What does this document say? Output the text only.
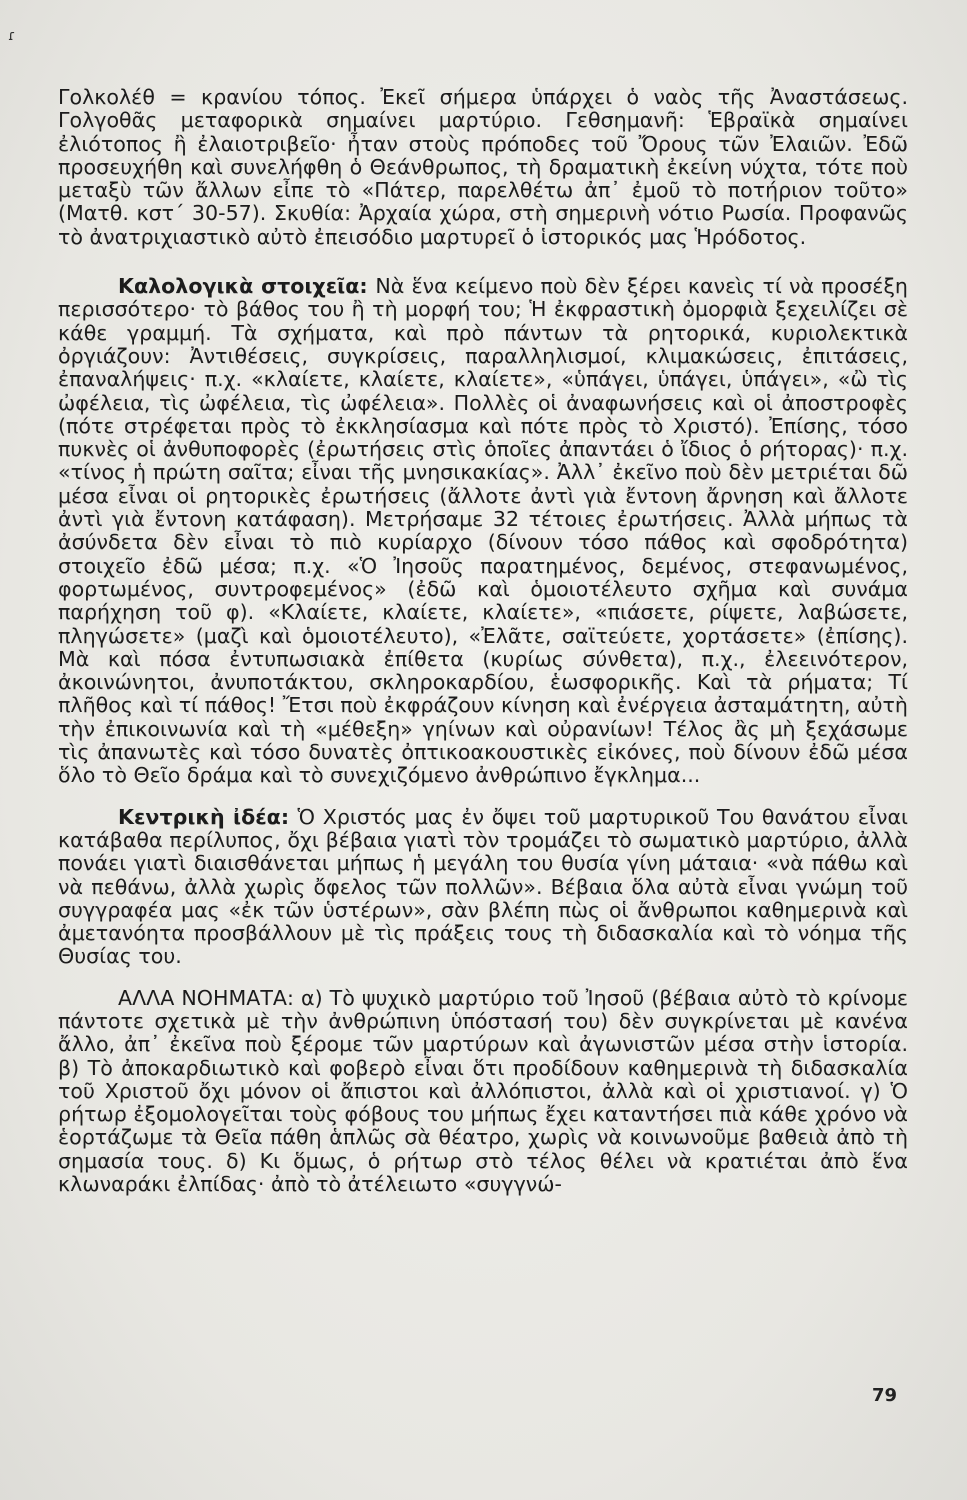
ɾ

Γολκολέθ = κρανίου τόπος. Ἐκεῖ σήμερα ὑπάρχει ὁ ναὸς τῆς Ἀναστάσεως. Γολγοθᾶς μεταφορικὰ σημαίνει μαρτύριο. Γεθσημανῆ: Ἑβραϊκὰ σημαίνει ἐλιότοπος ἢ ἐλαιοτριβεῖο· ἦταν στοὺς πρόποδες τοῦ Ὄρους τῶν Ἐλαιῶν. Ἐδῶ προσευχήθη καὶ συνελήφθη ὁ Θεάνθρωπος, τὴ δραματικὴ ἐκείνη νύχτα, τότε ποὺ μεταξὺ τῶν ἄλλων εἶπε τὸ «Πάτερ, παρελθέτω ἀπ᾽ ἐμοῦ τὸ ποτήριον τοῦτο» (Ματθ. κστ´ 30-57). Σκυθία: Ἀρχαία χώρα, στὴ σημερινὴ νότιο Ρωσία. Προφανῶς τὸ ἀνατριχιαστικὸ αὐτὸ ἐπεισόδιο μαρτυρεῖ ὁ ἱστορικός μας Ἡρόδοτος.

Καλολογικὰ στοιχεῖα: Νὰ ἕνα κείμενο ποὺ δὲν ξέρει κανεὶς τί νὰ προσέξη περισσότερο· τὸ βάθος του ἢ τὴ μορφή του; Ἡ ἐκφραστικὴ ὀμορφιὰ ξεχειλίζει σὲ κάθε γραμμή. Τὰ σχήματα, καὶ πρὸ πάντων τὰ ρητορικά, κυριολεκτικὰ ὀργιάζουν: Ἀντιθέσεις, συγκρίσεις, παραλληλισμοί, κλιμακώσεις, ἐπιτάσεις, ἐπαναλήψεις· π.χ. «κλαίετε, κλαίετε, κλαίετε», «ὑπάγει, ὑπάγει, ὑπάγει», «ὢ τὶς ὠφέλεια, τὶς ὠφέλεια, τὶς ὠφέλεια». Πολλὲς οἱ ἀναφωνήσεις καὶ οἱ ἀποστροφὲς (πότε στρέφεται πρὸς τὸ ἐκκλησίασμα καὶ πότε πρὸς τὸ Χριστό). Ἐπίσης, τόσο πυκνὲς οἱ ἀνθυποφορὲς (ἐρωτήσεις στὶς ὁποῖες ἀπαντάει ὁ ἴδιος ὁ ρήτορας)· π.χ. «τίνος ἡ πρώτη σαῖτα; εἶναι τῆς μνησικακίας». Ἀλλ᾽ ἐκεῖνο ποὺ δὲν μετριέται δῶ μέσα εἶναι οἱ ρητορικὲς ἐρωτήσεις (ἄλλοτε ἀντὶ γιὰ ἔντονη ἄρνηση καὶ ἄλλοτε ἀντὶ γιὰ ἔντονη κατάφαση). Μετρήσαμε 32 τέτοιες ἐρωτήσεις. Ἀλλὰ μήπως τὰ ἀσύνδετα δὲν εἶναι τὸ πιὸ κυρίαρχο (δίνουν τόσο πάθος καὶ σφοδρότητα) στοιχεῖο ἐδῶ μέσα; π.χ. «Ὁ Ἰησοῦς παρατημένος, δεμένος, στεφανωμένος, φορτωμένος, συντροφεμένος» (ἐδῶ καὶ ὁμοιοτέλευτο σχῆμα καὶ συνάμα παρήχηση τοῦ φ). «Κλαίετε, κλαίετε, κλαίετε», «πιάσετε, ρίψετε, λαβώσετε, πληγώσετε» (μαζὶ καὶ ὁμοιοτέλευτο), «Ἐλᾶτε, σαϊτεύετε, χορτάσετε» (ἐπίσης). Μὰ καὶ πόσα ἐντυπωσιακὰ ἐπίθετα (κυρίως σύνθετα), π.χ., ἐλεεινότερον, ἀκοινώνητοι, ἀνυποτάκτου, σκληροκαρδίου, ἑωσφορικῆς. Καὶ τὰ ρήματα; Τί πλῆθος καὶ τί πάθος! Ἔτσι ποὺ ἐκφράζουν κίνηση καὶ ἐνέργεια ἀσταμάτητη, αὐτὴ τὴν ἐπικοινωνία καὶ τὴ «μέθεξη» γηίνων καὶ οὐρανίων! Τέλος ἂς μὴ ξεχάσωμε τὶς ἀπανωτὲς καὶ τόσο δυνατὲς ὀπτικοακουστικὲς εἰκόνες, ποὺ δίνουν ἐδῶ μέσα ὅλο τὸ Θεῖο δράμα καὶ τὸ συνεχιζόμενο ἀνθρώπινο ἔγκλημα...

Κεντρικὴ ἰδέα: Ὁ Χριστός μας ἐν ὄψει τοῦ μαρτυρικοῦ Του θανάτου εἶναι κατάβαθα περίλυπος, ὄχι βέβαια γιατὶ τὸν τρομάζει τὸ σωματικὸ μαρτύριο, ἀλλὰ πονάει γιατὶ διαισθάνεται μήπως ἡ μεγάλη του θυσία γίνη μάταια· «νὰ πάθω καὶ νὰ πεθάνω, ἀλλὰ χωρὶς ὄφελος τῶν πολλῶν». Βέβαια ὅλα αὐτὰ εἶναι γνώμη τοῦ συγγραφέα μας «ἐκ τῶν ὑστέρων», σὰν βλέπη πὼς οἱ ἄνθρωποι καθημερινὰ καὶ ἀμετανόητα προσβάλλουν μὲ τὶς πράξεις τους τὴ διδασκαλία καὶ τὸ νόημα τῆς Θυσίας του.

ΑΛΛΑ ΝΟΗΜΑΤΑ: α) Τὸ ψυχικὸ μαρτύριο τοῦ Ἰησοῦ (βέβαια αὐτὸ τὸ κρίνομε πάντοτε σχετικὰ μὲ τὴν ἀνθρώπινη ὑπόστασή του) δὲν συγκρίνεται μὲ κανένα ἄλλο, ἀπ᾽ ἐκεῖνα ποὺ ξέρομε τῶν μαρτύρων καὶ ἀγωνιστῶν μέσα στὴν ἱστορία. β) Τὸ ἀποκαρδιωτικὸ καὶ φοβερὸ εἶναι ὅτι προδίδουν καθημερινὰ τὴ διδασκαλία τοῦ Χριστοῦ ὄχι μόνον οἱ ἄπιστοι καὶ ἀλλόπιστοι, ἀλλὰ καὶ οἱ χριστιανοί. γ) Ὁ ρήτωρ ἐξομολογεῖται τοὺς φόβους του μήπως ἔχει καταντήσει πιὰ κάθε χρόνο νὰ ἑορτάζωμε τὰ Θεῖα πάθη ἁπλῶς σὰ θέατρο, χωρὶς νὰ κοινωνοῦμε βαθειὰ ἀπὸ τὴ σημασία τους. δ) Κι ὅμως, ὁ ρήτωρ στὸ τέλος θέλει νὰ κρατιέται ἀπὸ ἕνα κλωναράκι ἐλπίδας· ἀπὸ τὸ ἀτέλειωτο «συγγνώ-

79
